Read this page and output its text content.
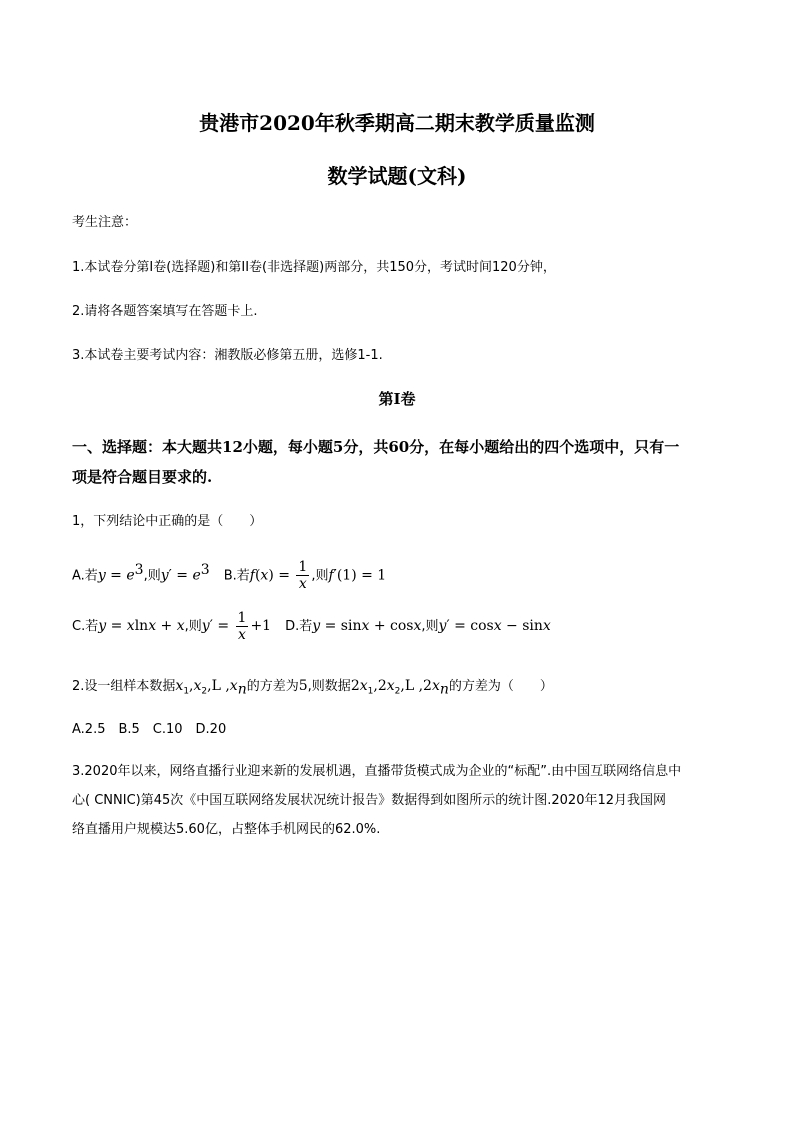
贵港市2020年秋季期高二期末教学质量监测
数学试题(文科)
考生注意：
1.本试卷分第I卷(选择题)和第II卷(非选择题)两部分，共150分，考试时间120分钟，
2.请将各题答案填写在答题卡上.
3.本试卷主要考试内容：湘教版必修第五册，选修1-1.
第I卷
一、选择题：本大题共12小题，每小题5分，共60分，在每小题给出的四个选项中，只有一
项是符合题目要求的.
1，下列结论中正确的是（　　）
A.若$y = e^3$,则$y' = e^3$ B.若$f(x) = \frac{1}{x}$ ,则f′(1) = 1
C.若y = xlnx + x,则$y' = \frac{1}{x} +1$ D.若y = sinx + cosx,则y′ = cosx − sinx
2.设一组样本数据$x_1,x_2,L$ $,x_n$的方差为5,则数据$2x_1,2x_2,L$ $,2x_n$的方差为（　　）
A.2.5　B.5　C.10　D.20
3.2020年以来，网络直播行业迎来新的发展机遇，直播带货模式成为企业的“标配”.由中国互联网络信息中
心( CNNIC)第45次《中国互联网络发展状况统计报告》数据得到如图所示的统计图.2020年12月我国网
络直播用户规模达5.60亿，占整体手机网民的62.0%.
